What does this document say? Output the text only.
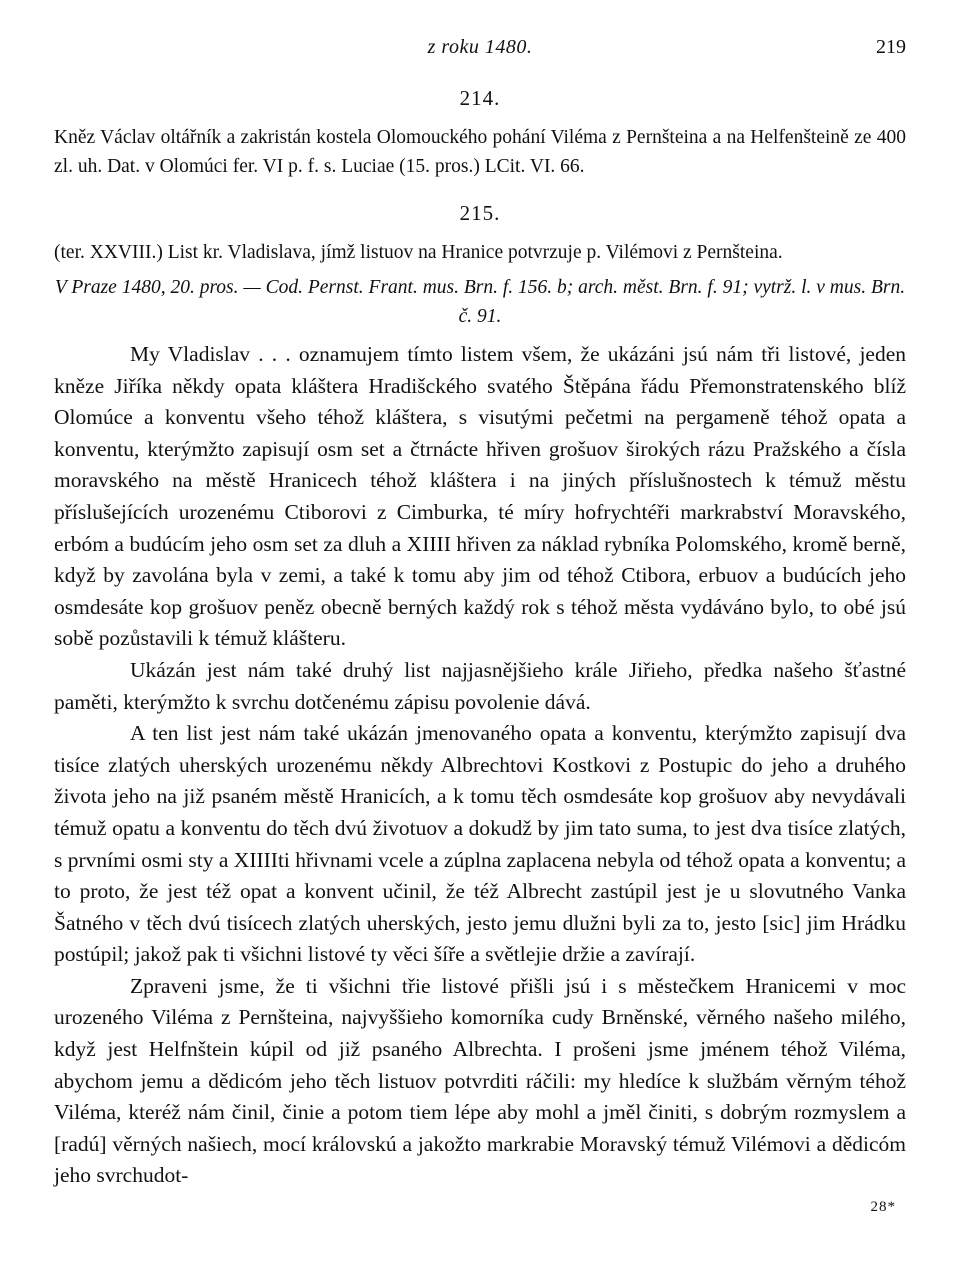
z roku 1480.	219
214.

Kněz Václav oltářník a zakristán kostela Olomouckého pohání Viléma z Pernšteina a na Helfenšteině ze 400 zl. uh. Dat. v Olomúci fer. VI p. f. s. Luciae (15. pros.) LCit. VI. 66.

215.

(ter. XXVIII.) List kr. Vladislava, jímž listuov na Hranice potvrzuje p. Vilémovi z Pernšteina.

V Praze 1480, 20. pros. — Cod. Pernst. Frant. mus. Brn. f. 156. b; arch. měst. Brn. f. 91; vytrž. l. v mus. Brn. č. 91.

My Vladislav . . . oznamujem tímto listem všem, že ukázáni jsú nám tři listové, jeden kněze Jiříka někdy opata kláštera Hradišckého svatého Štěpána řádu Přemonstratenského blíž Olomúce a konventu všeho téhož kláštera, s visutými pečetmi na pergameně téhož opata a konventu, kterýmžto zapisují osm set a čtrnácte hřiven grošuov širokých rázu Pražského a čísla moravského na městě Hranicech téhož kláštera i na jiných příslušnostech k témuž městu příslušejících urozenému Ctiborovi z Cimburka, té míry hofrychtéři markrabství Moravského, erbóm a budúcím jeho osm set za dluh a XIIII hřiven za náklad rybníka Polomského, kromě berně, když by zavolána byla v zemi, a také k tomu aby jim od téhož Ctibora, erbuov a budúcích jeho osmdesáte kop grošuov peněz obecně berných každý rok s téhož města vydáváno bylo, to obé jsú sobě pozůstavili k témuž klášteru.

Ukázán jest nám také druhý list najjasnějšieho krále Jiřieho, předka našeho šťastné paměti, kterýmžto k svrchu dotčenému zápisu povolenie dává.

A ten list jest nám také ukázán jmenovaného opata a konventu, kterýmžto zapisují dva tisíce zlatých uherských urozenému někdy Albrechtovi Kostkovi z Postupic do jeho a druhého života jeho na již psaném městě Hranicích, a k tomu těch osmdesáte kop grošuov aby nevydávali témuž opatu a konventu do těch dvú životuov a dokudž by jim tato suma, to jest dva tisíce zlatých, s prvními osmi sty a XIIIIti hřivnami vcele a zúplna zaplacena nebyla od téhož opata a konventu; a to proto, že jest též opat a konvent učinil, že též Albrecht zastúpil jest je u slovutného Vanka Šatného v těch dvú tisícech zlatých uherských, jesto jemu dlužni byli za to, jesto [sic] jim Hrádku postúpil; jakož pak ti všichni listové ty věci šíře a světlejie držie a zavírají.

Zpraveni jsme, že ti všichni třie listové přišli jsú i s městečkem Hranicemi v moc urozeného Viléma z Pernšteina, najvyššieho komorníka cudy Brněnské, věrného našeho milého, když jest Helfnštein kúpil od již psaného Albrechta. I prošeni jsme jménem téhož Viléma, abychom jemu a dědicóm jeho těch listuov potvrditi ráčili: my hledíce k službám věrným téhož Viléma, kteréž nám činil, činie a potom tiem lépe aby mohl a jměl činiti, s dobrým rozmyslem a [radú] věrných našiech, mocí královskú a jakožto markrabie Moravský témuž Vilémovi a dědicóm jeho svrchudot-

28*
